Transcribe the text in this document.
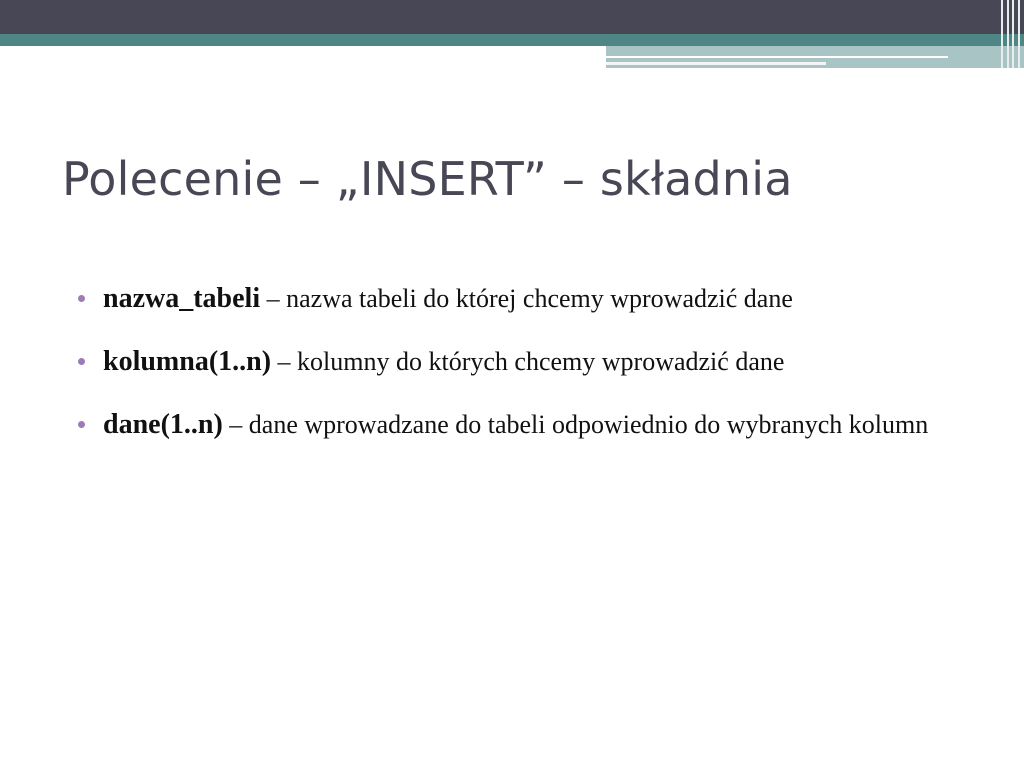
Polecenie – „INSERT” – składnia
nazwa_tabeli – nazwa tabeli do której chcemy wprowadzić dane
kolumna(1..n) – kolumny do których chcemy wprowadzić dane
dane(1..n) – dane wprowadzane do tabeli odpowiednio do wybranych kolumn
